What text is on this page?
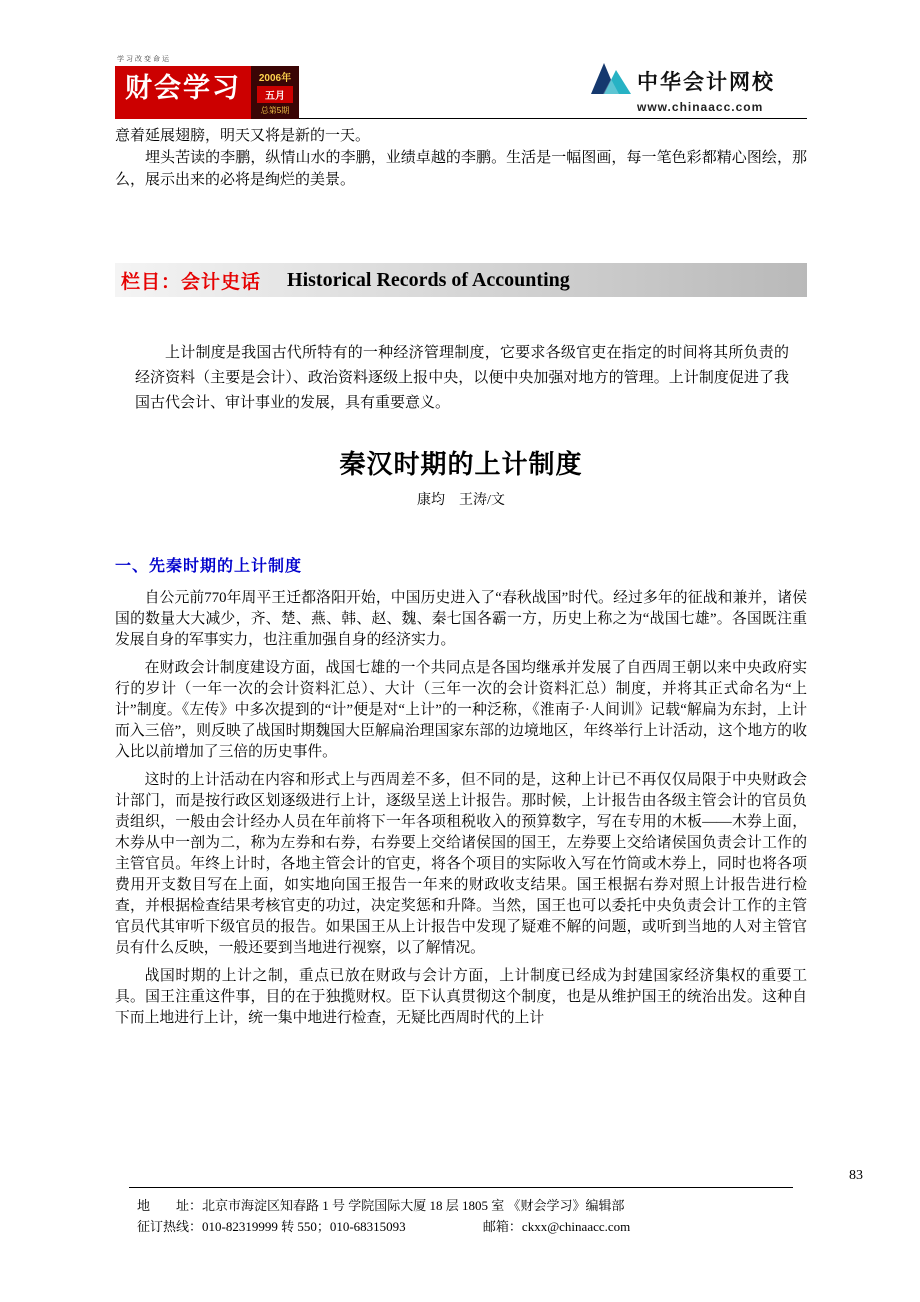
学习改变命运
财会学习	2006年
五月
总第5期
中华会计网校
www.chinaacc.com

意着延展翅膀，明天又将是新的一天。

埋头苦读的李鹏，纵情山水的李鹏，业绩卓越的李鹏。生活是一幅图画，每一笔色彩都精心图绘，那么，展示出来的必将是绚烂的美景。

栏目：会计史话 Historical Records of Accounting

上计制度是我国古代所特有的一种经济管理制度，它要求各级官吏在指定的时间将其所负责的经济资料（主要是会计）、政治资料逐级上报中央，以便中央加强对地方的管理。上计制度促进了我国古代会计、审计事业的发展，具有重要意义。

秦汉时期的上计制度
康均　王涛/文
一、先秦时期的上计制度

自公元前770年周平王迁都洛阳开始，中国历史进入了“春秋战国”时代。经过多年的征战和兼并，诸侯国的数量大大减少，齐、楚、燕、韩、赵、魏、秦七国各霸一方，历史上称之为“战国七雄”。各国既注重发展自身的军事实力，也注重加强自身的经济实力。

在财政会计制度建设方面，战国七雄的一个共同点是各国均继承并发展了自西周王朝以来中央政府实行的岁计（一年一次的会计资料汇总）、大计（三年一次的会计资料汇总）制度，并将其正式命名为“上计”制度。《左传》中多次提到的“计”便是对“上计”的一种泛称，《淮南子·人间训》记载“解扁为东封，上计而入三倍”，则反映了战国时期魏国大臣解扁治理国家东部的边境地区，年终举行上计活动，这个地方的收入比以前增加了三倍的历史事件。

这时的上计活动在内容和形式上与西周差不多，但不同的是，这种上计已不再仅仅局限于中央财政会计部门，而是按行政区划逐级进行上计，逐级呈送上计报告。那时候，上计报告由各级主管会计的官员负责组织，一般由会计经办人员在年前将下一年各项租税收入的预算数字，写在专用的木板——木券上面，木券从中一剖为二，称为左券和右券，右券要上交给诸侯国的国王，左券要上交给诸侯国负责会计工作的主管官员。年终上计时，各地主管会计的官吏，将各个项目的实际收入写在竹筒或木券上，同时也将各项费用开支数目写在上面，如实地向国王报告一年来的财政收支结果。国王根据右券对照上计报告进行检查，并根据检查结果考核官吏的功过，决定奖惩和升降。当然，国王也可以委托中央负责会计工作的主管官员代其审听下级官员的报告。如果国王从上计报告中发现了疑难不解的问题，或听到当地的人对主管官员有什么反映，一般还要到当地进行视察，以了解情况。

战国时期的上计之制，重点已放在财政与会计方面，上计制度已经成为封建国家经济集权的重要工具。国王注重这件事，目的在于独揽财权。臣下认真贯彻这个制度，也是从维护国王的统治出发。这种自下而上地进行上计，统一集中地进行检查，无疑比西周时代的上计

83
地　　址：北京市海淀区知春路 1 号 学院国际大厦 18 层 1805 室 《财会学习》编辑部
征订热线：010-82319999 转 550；010-68315093	邮箱：ckxx@chinaacc.com
